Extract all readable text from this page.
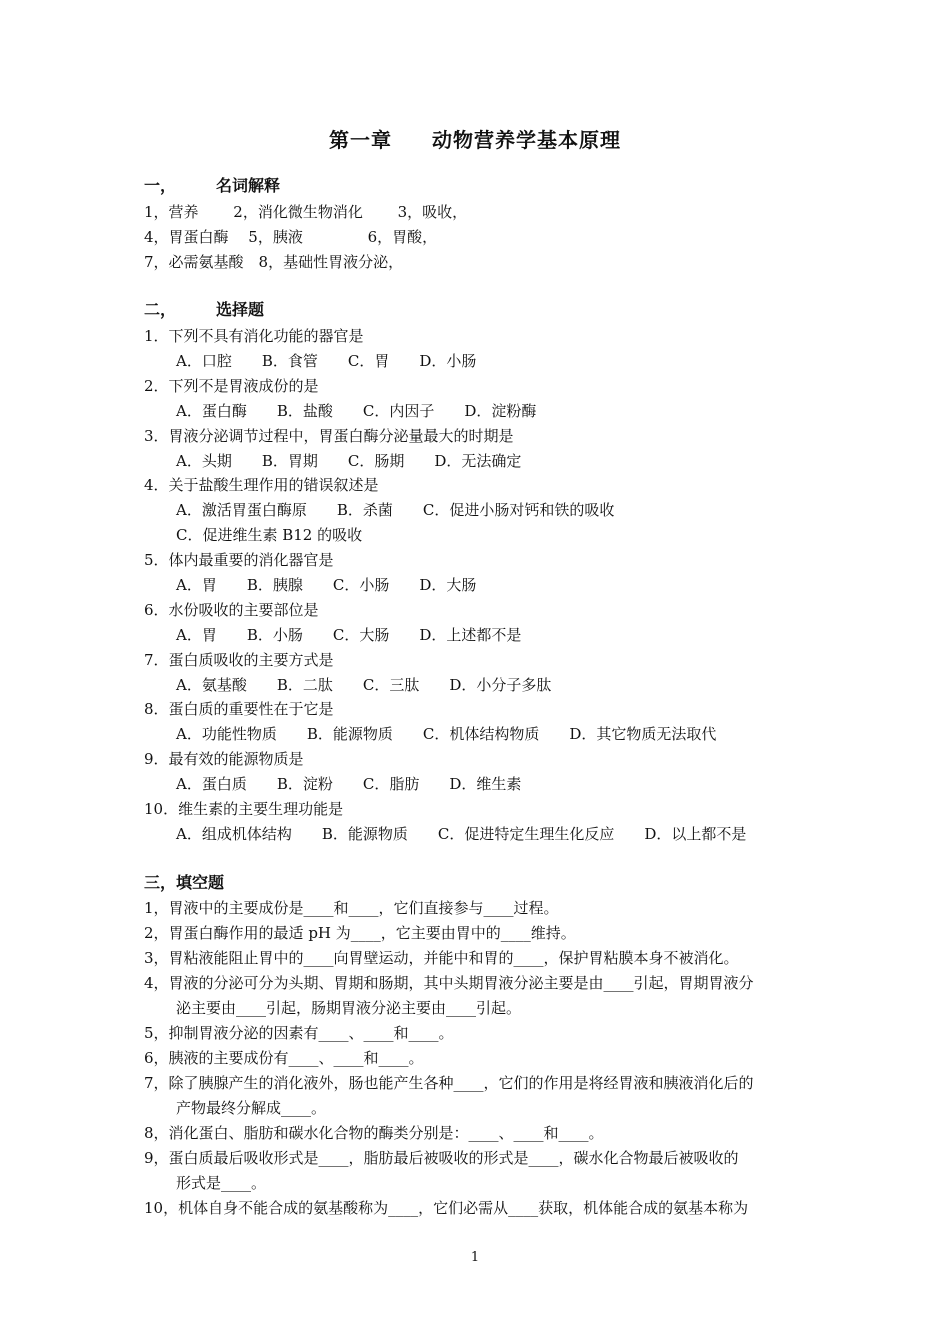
第一章 动物营养学基本原理
一，	名词解释
1，营养　　 2，消化微生物消化　　 3，吸收，
4，胃蛋白酶　 5，胰液　　　　 6，胃酸，
7，必需氨基酸　8，基础性胃液分泌，
二，	选择题
1．下列不具有消化功能的器官是
A．口腔　　B．食管　　C．胃　　D．小肠
2．下列不是胃液成份的是
A．蛋白酶　　B．盐酸　　C．内因子　　D．淀粉酶
3．胃液分泌调节过程中，胃蛋白酶分泌量最大的时期是
A．头期　　B．胃期　　C．肠期　　D．无法确定
4．关于盐酸生理作用的错误叙述是
A．激活胃蛋白酶原　　B．杀菌　　C．促进小肠对钙和铁的吸收
C．促进维生素 B12 的吸收
5．体内最重要的消化器官是
A．胃　　B．胰腺　　C．小肠　　D．大肠
6．水份吸收的主要部位是
A．胃　　B．小肠　　C．大肠　　D．上述都不是
7．蛋白质吸收的主要方式是
A．氨基酸　　B．二肽　　C．三肽　　D．小分子多肽
8．蛋白质的重要性在于它是
A．功能性物质　　B．能源物质　　C．机体结构物质　　D．其它物质无法取代
9．最有效的能源物质是
A．蛋白质　　B．淀粉　　C．脂肪　　D．维生素
10．维生素的主要生理功能是
A．组成机体结构　　B．能源物质　　C．促进特定生理生化反应　　D．以上都不是
三，填空题
1，胃液中的主要成份是____和____，它们直接参与____过程。
2，胃蛋白酶作用的最适 pH 为____，它主要由胃中的____维持。
3，胃粘液能阻止胃中的____向胃壁运动，并能中和胃的____，保护胃粘膜本身不被消化。
4，胃液的分泌可分为头期、胃期和肠期，其中头期胃液分泌主要是由____引起，胃期胃液分
泌主要由____引起，肠期胃液分泌主要由____引起。
5，抑制胃液分泌的因素有____、____和____。
6，胰液的主要成份有____、____和____。
7，除了胰腺产生的消化液外，肠也能产生各种____，它们的作用是将经胃液和胰液消化后的
产物最终分解成____。
8，消化蛋白、脂肪和碳水化合物的酶类分别是：____、____和____。
9，蛋白质最后吸收形式是____，脂肪最后被吸收的形式是____，碳水化合物最后被吸收的
形式是____。
10，机体自身不能合成的氨基酸称为____，它们必需从____获取，机体能合成的氨基本称为
1
